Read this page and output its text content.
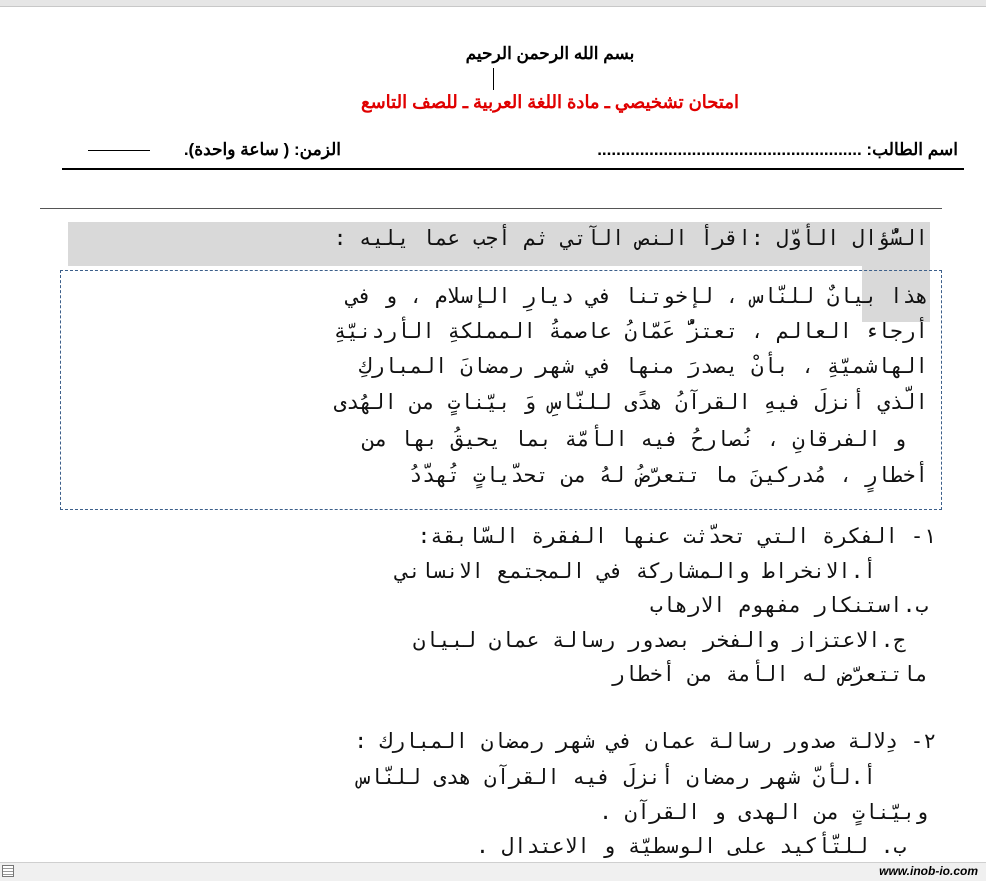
بسم الله الرحمن الرحيم
امتحان تشخيصي ـ مادة اللغة العربية ـ للصف التاسع
اسم الطالب: ........................................................
الزمن: ( ساعة واحدة).
السُّؤال الأوّل :اقرأ النص الآتي ثم أجب عما يليه :
هذا بيانٌ للنّاس ، لإخوتنا في ديارِ الإسلام ، و في
أرجاء العالم ، تعتزُّ عَمّانُ عاصمةُ المملكةِ الأردنيّةِ
الهاشميّةِ ، بأنْ يصدرَ منها في شهر رمضانَ المباركِ
الّذي أنزلَ فيهِ القرآنُ هدًى للنّاسِ وَ بيّناتٍ من الهُدى
و الفرقانِ ، نُصارحُ فيه الأمّة بما يحيقُ بها من
أخطارٍ ، مُدركينَ ما تتعرّضُ لهُ من تحدّياتٍ تُهدّدُ
١- الفكرة التي تحدّثت عنها الفقرة السّابقة:
أ.الانخراط والمشاركة في المجتمع الانساني
ب.استنكار مفهوم الارهاب
ج.الاعتزاز والفخر بصدور رسالة عمان لبيان
ماتتعرّض له الأمة من أخطار
٢- دِلالة صدور رسالة عمان في شهر رمضان المبارك :
أ.لأنّ شهر رمضان أنزلَ فيه القرآن هدى للنّاس
وبيّناتٍ من الهدى و القرآن .
ب. للتّأكيد على الوسطيّة و الاعتدال .
www.inob-io.com
